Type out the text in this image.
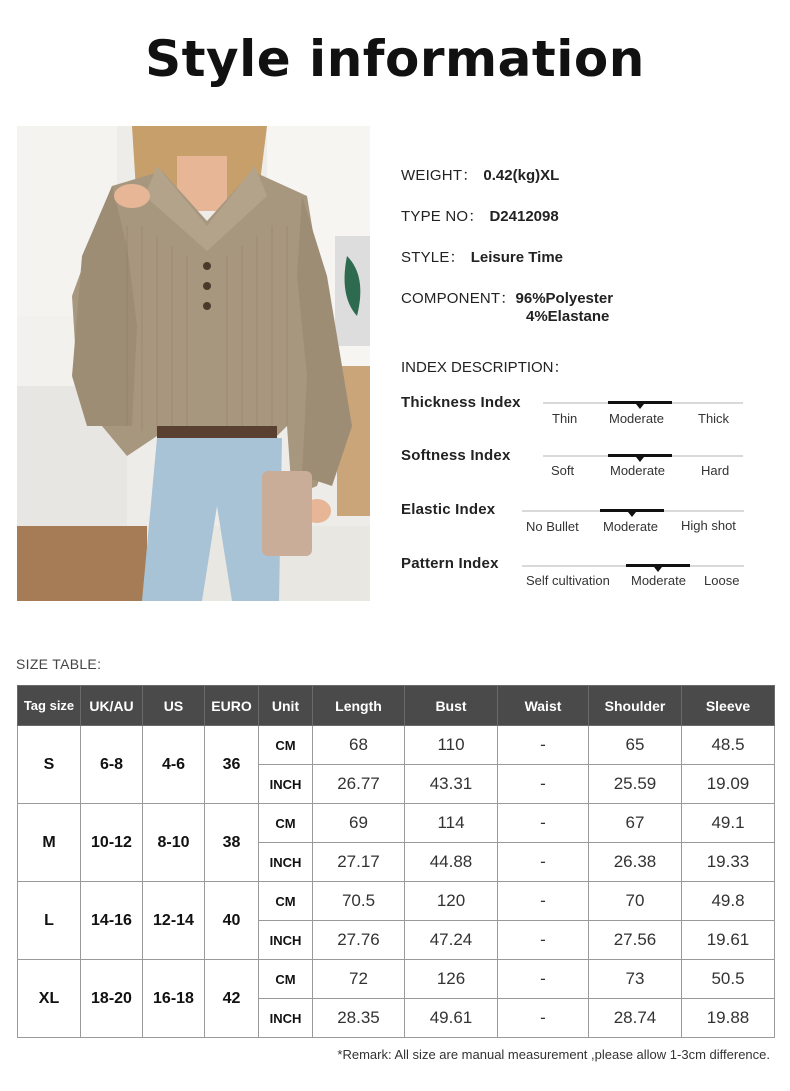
Style information
WEIGHT： 0.42(kg)XL
TYPE NO： D2412098
STYLE： Leisure Time
COMPONENT：96%Polyester
4%Elastane
INDEX DESCRIPTION：
Thickness Index
Thin Moderate	Thick
Softness Index
Soft	Moderate	Hard
Elastic Index
No Bullet Moderate High shot
Pattern Index
Self cultivation Moderate Loose
SIZE TABLE:
Tag size	UK/AU	US	EURO	Unit	Length	Bust	Waist	Shoulder	Sleeve
S	6-8	4-6	36	CM	68	110	-	65	48.5
				INCH	26.77	43.31	-	25.59	19.09
M	10-12	8-10	38	CM	69	114	-	67	49.1
				INCH	27.17	44.88	-	26.38	19.33
L	14-16	12-14	40	CM	70.5	120	-	70	49.8
				INCH	27.76	47.24	-	27.56	19.61
XL	18-20	16-18	42	CM	72	126	-	73	50.5
				INCH	28.35	49.61	-	28.74	19.88
*Remark: All size are manual measurement ,please allow 1-3cm difference.
